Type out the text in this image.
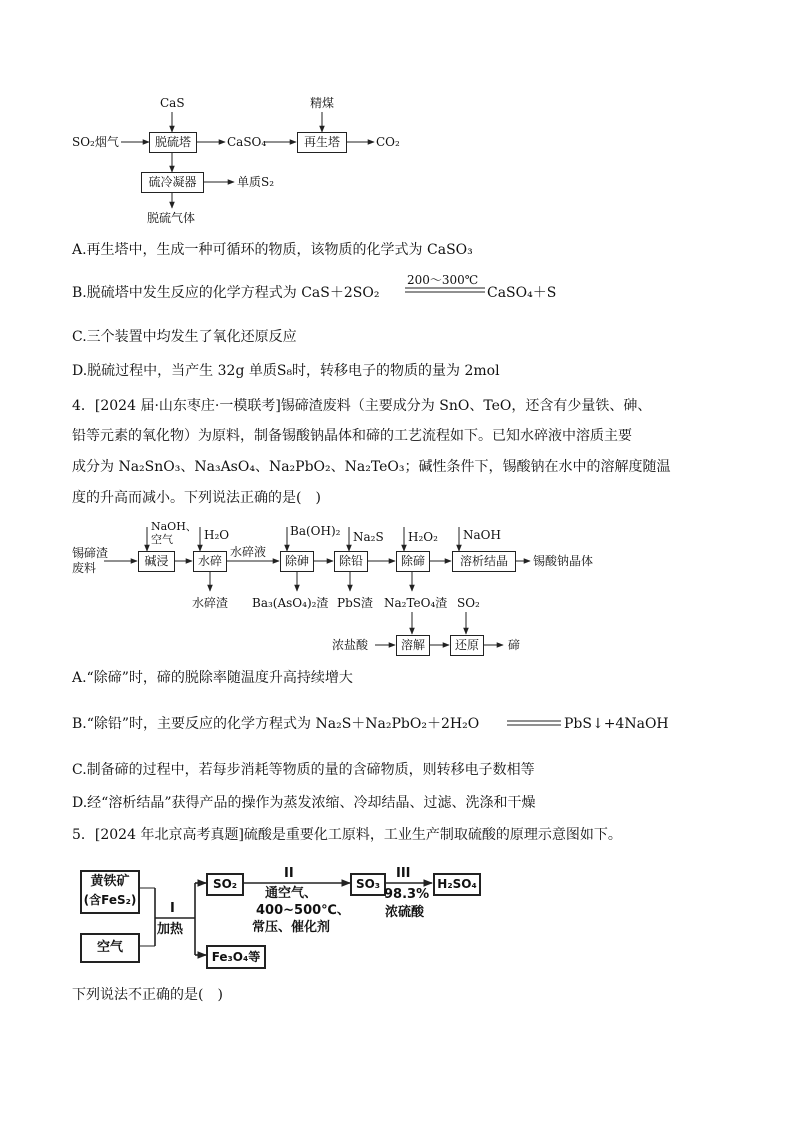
CaS	精煤
SO₂烟气	脱硫塔	CaSO₄	再生塔	CO₂
硫冷凝器	单质S₂
脱硫气体
A.再生塔中，生成一种可循环的物质，该物质的化学式为 CaSO₃
B.脱硫塔中发生反应的化学方程式为 CaS＋2SO₂
200～300℃
CaSO₄＋S
C.三个装置中均发生了氧化还原反应
D.脱硫过程中，当产生 32g 单质S₈时，转移电子的物质的量为 2mol
4．[2024 届·山东枣庄·一模联考]锡碲渣废料（主要成分为 SnO、TeO，还含有少量铁、砷、
铅等元素的氧化物）为原料，制备锡酸钠晶体和碲的工艺流程如下。已知水碎液中溶质主要
成分为 Na₂SnO₃、Na₃AsO₄、Na₂PbO₂、Na₂TeO₃；碱性条件下，锡酸钠在水中的溶解度随温
度的升高而减小。下列说法正确的是(　)
锡碲渣
废料
NaOH、
空气	H₂O	Ba(OH)₂ Na₂S H₂O₂ NaOH
碱浸	水碎
水碎液
除砷	除铅	除碲	溶析结晶	锡酸钠晶体
水碎渣 Ba₃(AsO₄)₂渣 PbS渣 Na₂TeO₄渣 SO₂
浓盐酸	溶解	还原	碲
A.“除碲”时，碲的脱除率随温度升高持续增大
B.“除铅”时，主要反应的化学方程式为 Na₂S＋Na₂PbO₂＋2H₂O	PbS↓+4NaOH
C.制备碲的过程中，若每步消耗等物质的量的含碲物质，则转移电子数相等
D.经“溶析结晶”获得产品的操作为蒸发浓缩、冷却结晶、过滤、洗涤和干燥
5．[2024 年北京高考真题]硫酸是重要化工原料，工业生产制取硫酸的原理示意图如下。
黄铁矿
(含FeS₂)
空气
I
加热
SO₂
II
通空气、
400~500℃、
常压、催化剂
SO₃
III
98.3%
浓硫酸
H₂SO₄
Fe₃O₄等
下列说法不正确的是(　)
